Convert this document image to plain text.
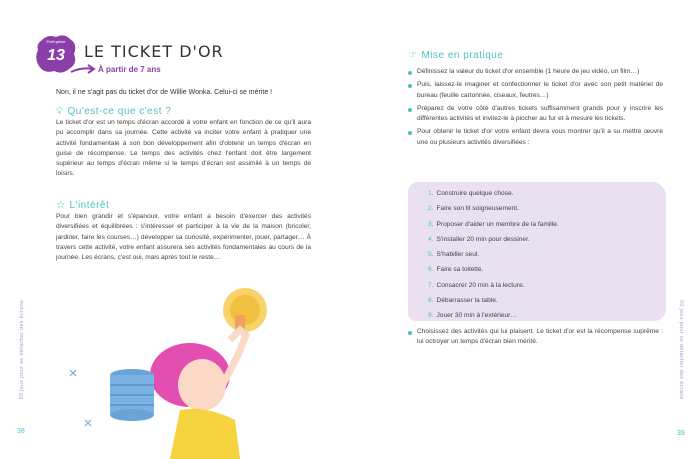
Petit génie
13	LE TICKET D'OR
À partir de 7 ans
Non, il ne s'agit pas du ticket d'or de Willie Wonka. Celui-ci se mérite !
💡︎ Qu'est-ce que c'est ?

Le ticket d'or est un temps d'écran accordé à votre enfant en fonction de ce qu'il aura pu accomplir dans sa journée. Cette activité va inciter votre enfant à pratiquer une activité fondamentale à son bon développement afin d'obtenir un temps d'écran en guise de récompense. Le temps des activités chez l'enfant doit être largement supérieur au temps d'écran même si le temps d'écran est assimilé à un temps de loisirs.

☆ L'intérêt

Pour bien grandir et s'épanouir, votre enfant a besoin d'exercer des activités diversifiées et équilibrées : s'intéresser et participer à la vie de la maison (bricoler, jardiner, faire les courses…) développer sa curiosité, expérimenter, jouer, partager… À travers cette activité, votre enfant assurera ses activités fondamentales au cours de la journée. Les écrans, c'est oui, mais après tout le reste…

50 jeux pour se détacher des écrans
38
☞ Mise en pratique
Définissez la valeur du ticket d'or ensemble (1 heure de jeu vidéo, un film…)
Puis, laissez-le imaginer et confectionner le ticket d'or avec son petit matériel de bureau (feuille cartonnée, ciseaux, feutres…)
Préparez de votre côté d'autres tickets suffisamment grands pour y inscrire les différentes activités et invitez-le à piocher au fur et à mesure les tickets.
Pour obtenir le ticket d'or votre enfant devra vous montrer qu'il a su mettre œuvre une ou plusieurs activités diversifiées :
1. Construire quelque chose.
2. Faire son lit soigneusement.
3. Proposer d'aider un membre de la famille.
4. S'installer 20 min pour dessiner.
5. S'habiller seul.
6. Faire sa toilette.
7. Consacrer 20 min à la lecture.
8. Débarrasser la table.
9. Jouer 30 min à l'extérieur…
Choisissez des activités qui lui plaisent. Le ticket d'or est la récompense suprême : lui octroyer un temps d'écran bien mérité.	50 jeux pour se détacher des écrans
39
